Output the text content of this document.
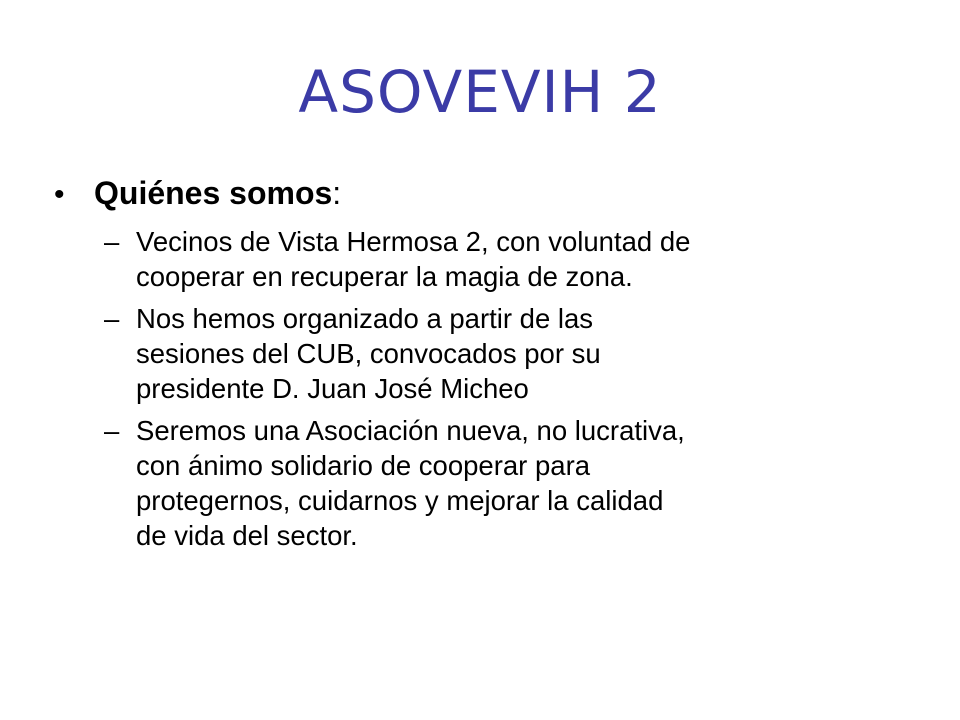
ASOVEVIH 2
• Quiénes somos:
– Vecinos de Vista Hermosa 2, con voluntad de
cooperar en recuperar la magia de zona.
– Nos hemos organizado a partir de las
sesiones del CUB, convocados por su
presidente D. Juan José Micheo
– Seremos una Asociación nueva, no lucrativa,
con ánimo solidario de cooperar para
protegernos, cuidarnos y mejorar la calidad
de vida del sector.
